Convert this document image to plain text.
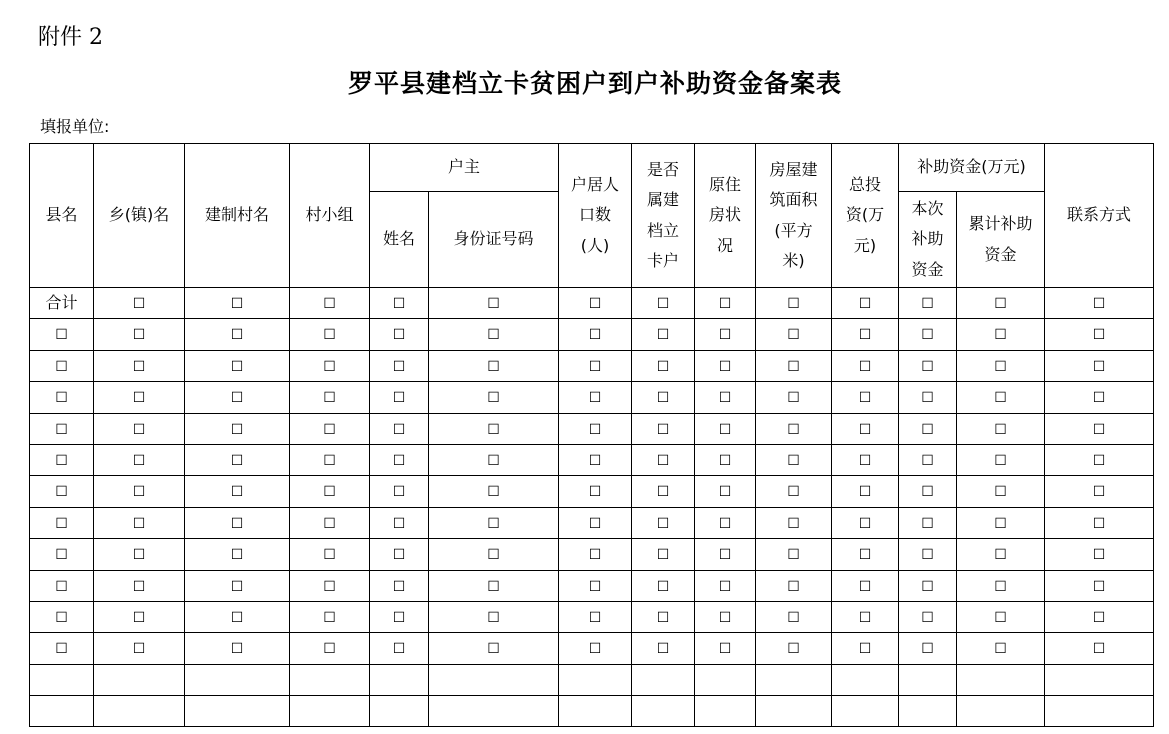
附件 2
罗平县建档立卡贫困户到户补助资金备案表
填报单位:
县名	乡(镇)名	建制村名	村小组	户主		户居人口数(人)	是否属建档立卡户	原住房状况	房屋建筑面积(平方米)	总投资(万元)	补助资金(万元)		联系方式
				姓名	身份证号码						本次补助资金	累计补助资金	

合计	☐	☐	☐	☐	☐	☐	☐	☐	☐	☐	☐	☐	☐
☐	☐	☐	☐	☐	☐	☐	☐	☐	☐	☐	☐	☐	☐
☐	☐	☐	☐	☐	☐	☐	☐	☐	☐	☐	☐	☐	☐
☐	☐	☐	☐	☐	☐	☐	☐	☐	☐	☐	☐	☐	☐
☐	☐	☐	☐	☐	☐	☐	☐	☐	☐	☐	☐	☐	☐
☐	☐	☐	☐	☐	☐	☐	☐	☐	☐	☐	☐	☐	☐
☐	☐	☐	☐	☐	☐	☐	☐	☐	☐	☐	☐	☐	☐
☐	☐	☐	☐	☐	☐	☐	☐	☐	☐	☐	☐	☐	☐
☐	☐	☐	☐	☐	☐	☐	☐	☐	☐	☐	☐	☐	☐
☐	☐	☐	☐	☐	☐	☐	☐	☐	☐	☐	☐	☐	☐
☐	☐	☐	☐	☐	☐	☐	☐	☐	☐	☐	☐	☐	☐
☐	☐	☐	☐	☐	☐	☐	☐	☐	☐	☐	☐	☐	☐
